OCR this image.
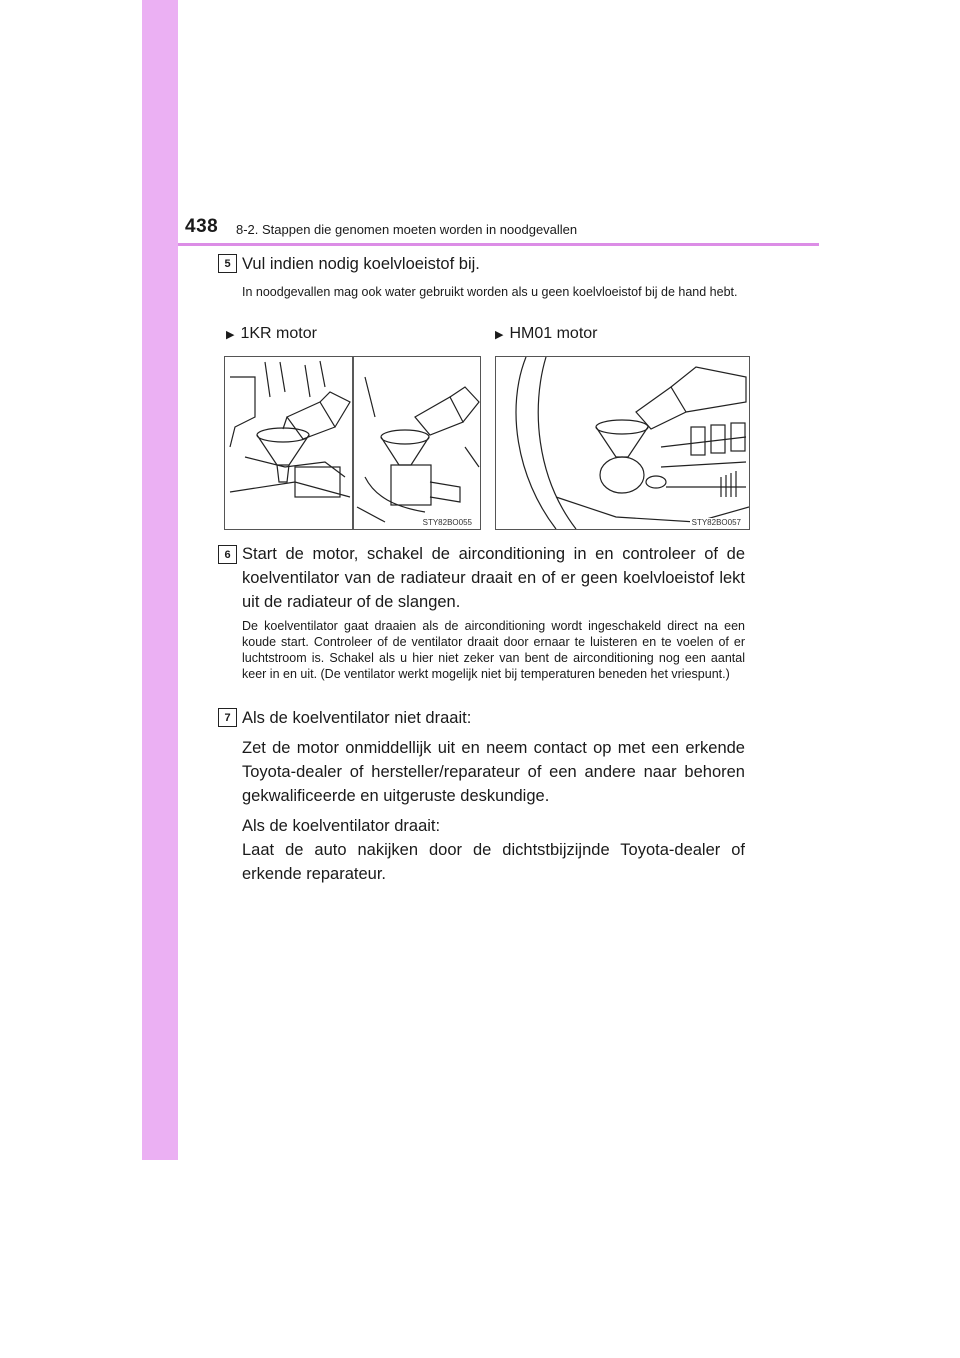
438 8-2. Stappen die genomen moeten worden in noodgevallen
5 Vul indien nodig koelvloeistof bij.
In noodgevallen mag ook water gebruikt worden als u geen koelvloeistof bij de hand hebt.
▶ 1KR motor	▶ HM01 motor
STY82BO055	STY82BO057
6 Start de motor, schakel de airconditioning in en controleer of de koelventilator van de radiateur draait en of er geen koelvloeistof lekt uit de radiateur of de slangen.
De koelventilator gaat draaien als de airconditioning wordt ingeschakeld direct na een koude start. Controleer of de ventilator draait door ernaar te luisteren en te voelen of er luchtstroom is. Schakel als u hier niet zeker van bent de airconditioning nog een aantal keer in en uit. (De ventilator werkt mogelijk niet bij temperaturen beneden het vriespunt.)
7 Als de koelventilator niet draait:
Zet de motor onmiddellijk uit en neem contact op met een erkende Toyota-dealer of hersteller/reparateur of een andere naar behoren gekwalificeerde en uitgeruste deskundige.
Als de koelventilator draait:
Laat de auto nakijken door de dichtstbijzijnde Toyota-dealer of erkende reparateur.
